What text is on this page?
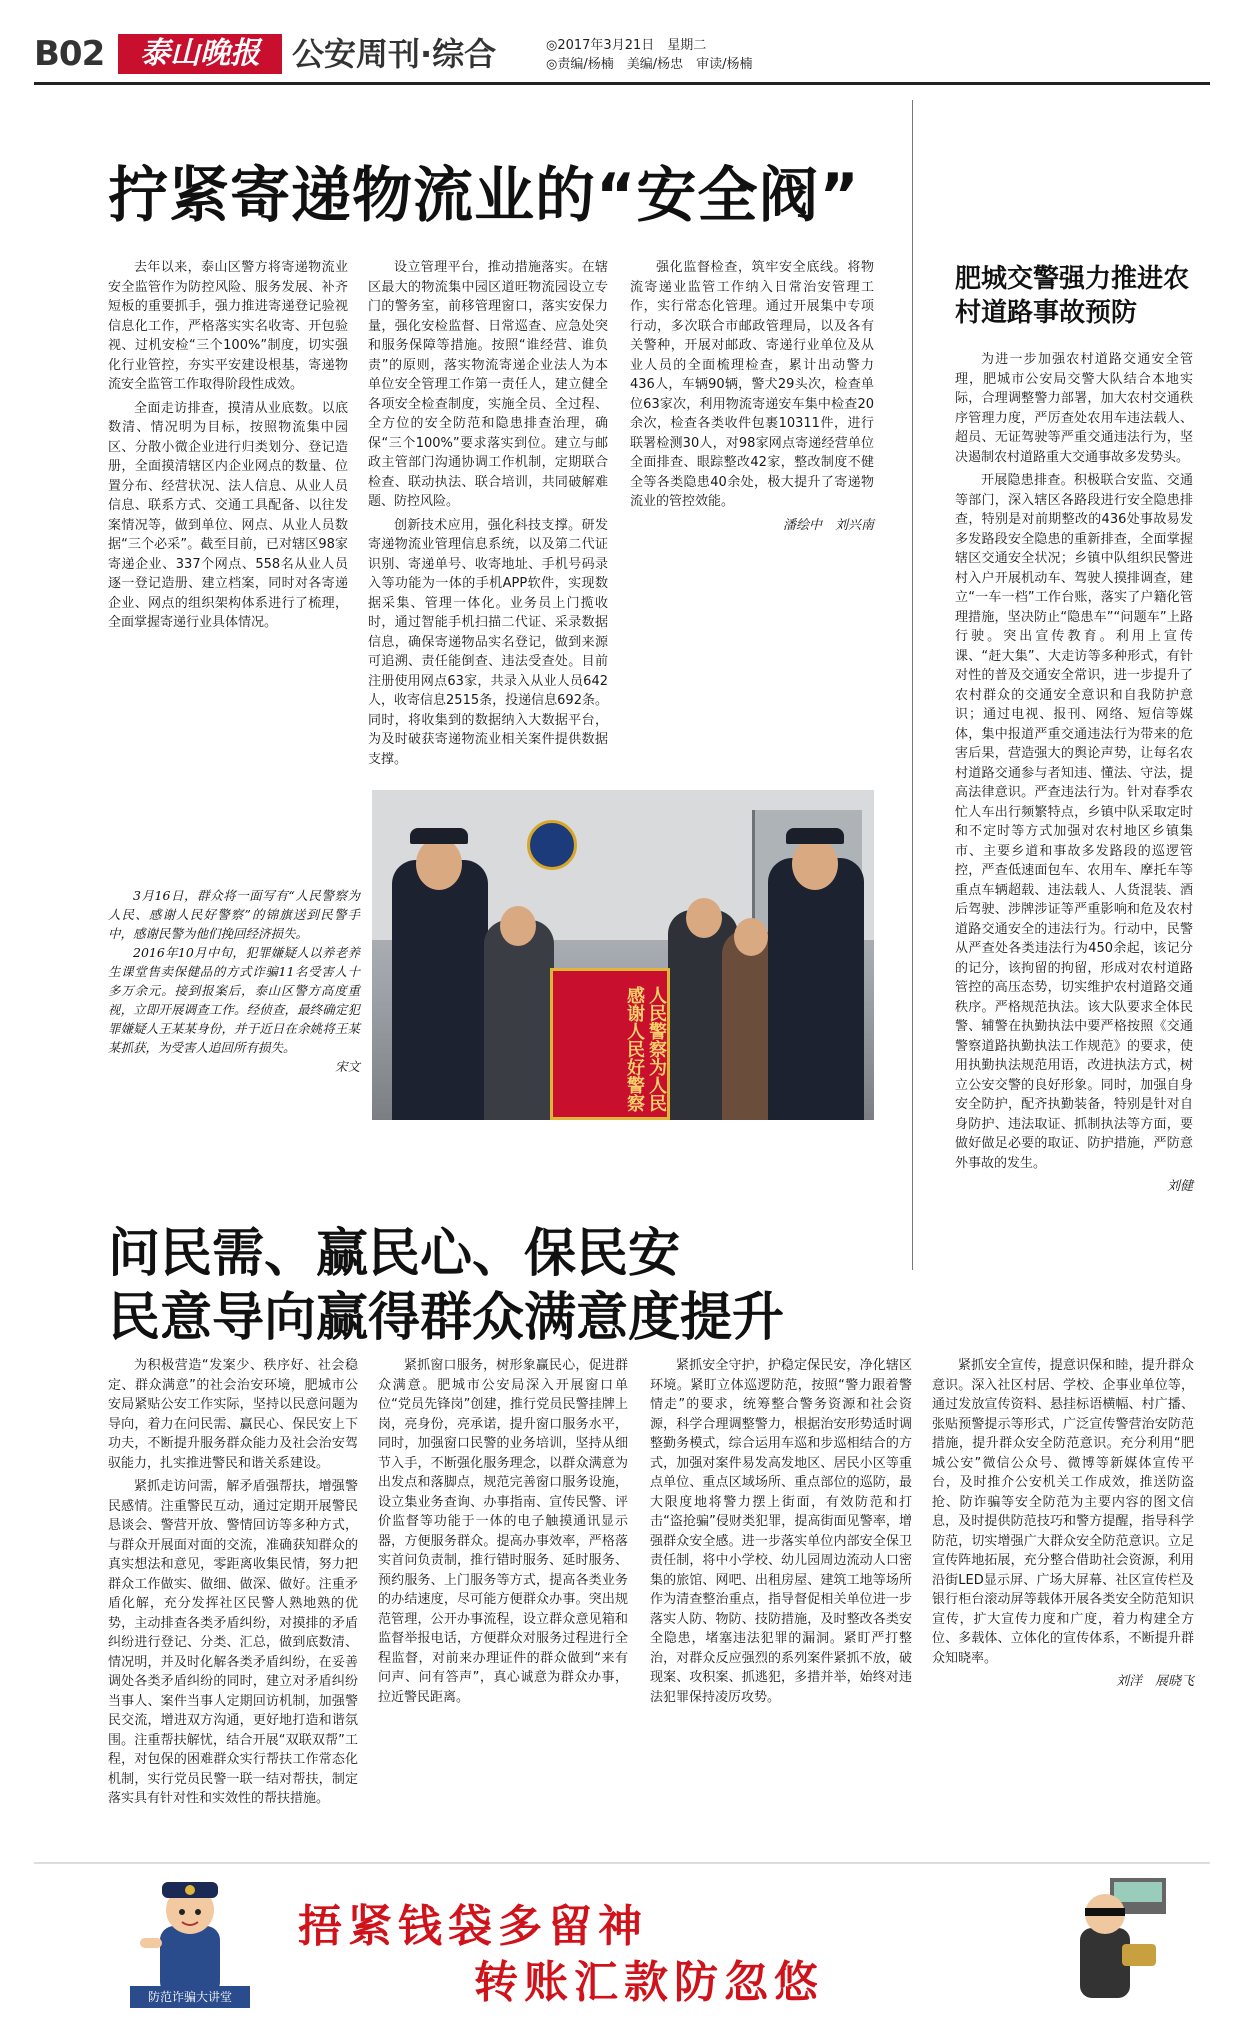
B02	泰山晚报	公安周刊·综合	◎2017年3月21日　星期二
◎责编/杨楠　美编/杨忠　审读/杨楠
拧紧寄递物流业的“安全阀”

去年以来，泰山区警方将寄递物流业安全监管作为防控风险、服务发展、补齐短板的重要抓手，强力推进寄递登记验视信息化工作，严格落实实名收寄、开包验视、过机安检“三个100%”制度，切实强化行业管控，夯实平安建设根基，寄递物流安全监管工作取得阶段性成效。

全面走访排查，摸清从业底数。以底数清、情况明为目标，按照物流集中园区、分散小微企业进行归类划分、登记造册，全面摸清辖区内企业网点的数量、位置分布、经营状况、法人信息、从业人员信息、联系方式、交通工具配备、以往发案情况等，做到单位、网点、从业人员数据“三个必采”。截至目前，已对辖区98家寄递企业、337个网点、558名从业人员逐一登记造册、建立档案，同时对各寄递企业、网点的组织架构体系进行了梳理，全面掌握寄递行业具体情况。

设立管理平台，推动措施落实。在辖区最大的物流集中园区道旺物流园设立专门的警务室，前移管理窗口，落实安保力量，强化安检监督、日常巡查、应急处突和服务保障等措施。按照“谁经营、谁负责”的原则，落实物流寄递企业法人为本单位安全管理工作第一责任人，建立健全各项安全检查制度，实施全员、全过程、全方位的安全防范和隐患排查治理，确保“三个100%”要求落实到位。建立与邮政主管部门沟通协调工作机制，定期联合检查、联动执法、联合培训，共同破解难题、防控风险。

创新技术应用，强化科技支撑。研发寄递物流业管理信息系统，以及第二代证识别、寄递单号、收寄地址、手机号码录入等功能为一体的手机APP软件，实现数据采集、管理一体化。业务员上门揽收时，通过智能手机扫描二代证、采录数据信息，确保寄递物品实名登记，做到来源可追溯、责任能倒查、违法受查处。目前注册使用网点63家，共录入从业人员642人，收寄信息2515条，投递信息692条。同时，将收集到的数据纳入大数据平台，为及时破获寄递物流业相关案件提供数据支撑。

强化监督检查，筑牢安全底线。将物流寄递业监管工作纳入日常治安管理工作，实行常态化管理。通过开展集中专项行动，多次联合市邮政管理局，以及各有关警种，开展对邮政、寄递行业单位及从业人员的全面梳理检查，累计出动警力436人，车辆90辆，警犬29头次，检查单位63家次，利用物流寄递安车集中检查20余次，检查各类收件包裹10311件，进行联署检测30人，对98家网点寄递经营单位全面排查、眼踪整改42家，整改制度不健全等各类隐患40余处，极大提升了寄递物流业的管控效能。

潘绘中　刘兴南

3月16日，群众将一面写有“人民警察为人民、感谢人民好警察”的锦旗送到民警手中，感谢民警为他们挽回经济损失。

2016年10月中旬，犯罪嫌疑人以养老养生课堂售卖保健品的方式诈骗11名受害人十多万余元。接到报案后，泰山区警方高度重视，立即开展调查工作。经侦查，最终确定犯罪嫌疑人王某某身份，并于近日在余姚将王某某抓获，为受害人追回所有损失。

宋文	人民警察为人民 感谢人民好警察
肥城交警强力推进农村道路事故预防

为进一步加强农村道路交通安全管理，肥城市公安局交警大队结合本地实际，合理调整警力部署，加大农村交通秩序管理力度，严厉查处农用车违法载人、超员、无证驾驶等严重交通违法行为，坚决遏制农村道路重大交通事故多发势头。

开展隐患排查。积极联合安监、交通等部门，深入辖区各路段进行安全隐患排查，特别是对前期整改的436处事故易发多发路段安全隐患的重新排查，全面掌握辖区交通安全状况；乡镇中队组织民警进村入户开展机动车、驾驶人摸排调查，建立“一车一档”工作台账，落实了户籍化管理措施，坚决防止“隐患车”“问题车”上路行驶。突出宣传教育。利用上宣传课、“赶大集”、大走访等多种形式，有针对性的普及交通安全常识，进一步提升了农村群众的交通安全意识和自我防护意识；通过电视、报刊、网络、短信等媒体，集中报道严重交通违法行为带来的危害后果，营造强大的舆论声势，让每名农村道路交通参与者知违、懂法、守法，提高法律意识。严查违法行为。针对春季农忙人车出行频繁特点，乡镇中队采取定时和不定时等方式加强对农村地区乡镇集市、主要乡道和事故多发路段的巡逻管控，严查低速面包车、农用车、摩托车等重点车辆超载、违法载人、人货混装、酒后驾驶、涉牌涉证等严重影响和危及农村道路交通安全的违法行为。行动中，民警从严查处各类违法行为450余起，该记分的记分，该拘留的拘留，形成对农村道路管控的高压态势，切实维护农村道路交通秩序。严格规范执法。该大队要求全体民警、辅警在执勤执法中要严格按照《交通警察道路执勤执法工作规范》的要求，使用执勤执法规范用语，改进执法方式，树立公安交警的良好形象。同时，加强自身安全防护，配齐执勤装备，特别是针对自身防护、违法取证、抓制执法等方面，要做好做足必要的取证、防护措施，严防意外事故的发生。

刘健

问民需、赢民心、保民安
民意导向赢得群众满意度提升

为积极营造“发案少、秩序好、社会稳定、群众满意”的社会治安环境，肥城市公安局紧贴公安工作实际，坚持以民意问题为导向，着力在问民需、赢民心、保民安上下功夫，不断提升服务群众能力及社会治安驾驭能力，扎实推进警民和谐关系建设。

紧抓走访问需，解矛盾强帮扶，增强警民感情。注重警民互动，通过定期开展警民恳谈会、警营开放、警情回访等多种方式，与群众开展面对面的交流，准确获知群众的真实想法和意见，零距离收集民情，努力把群众工作做实、做细、做深、做好。注重矛盾化解，充分发挥社区民警人熟地熟的优势，主动排查各类矛盾纠纷，对摸排的矛盾纠纷进行登记、分类、汇总，做到底数清、情况明，并及时化解各类矛盾纠纷，在妥善调处各类矛盾纠纷的同时，建立对矛盾纠纷当事人、案件当事人定期回访机制，加强警民交流，增进双方沟通，更好地打造和谐氛围。注重帮扶解忧，结合开展“双联双帮”工程，对包保的困难群众实行帮扶工作常态化机制，实行党员民警一联一结对帮扶，制定落实具有针对性和实效性的帮扶措施。

紧抓窗口服务，树形象赢民心，促进群众满意。肥城市公安局深入开展窗口单位“党员先锋岗”创建，推行党员民警挂牌上岗，亮身份，亮承诺，提升窗口服务水平，同时，加强窗口民警的业务培训，坚持从细节入手，不断强化服务理念，以群众满意为出发点和落脚点，规范完善窗口服务设施，设立集业务查询、办事指南、宣传民警、评价监督等功能于一体的电子触摸通讯显示器，方便服务群众。提高办事效率，严格落实首问负责制，推行错时服务、延时服务、预约服务、上门服务等方式，提高各类业务的办结速度，尽可能方便群众办事。突出规范管理，公开办事流程，设立群众意见箱和监督举报电话，方便群众对服务过程进行全程监督，对前来办理证件的群众做到“来有问声、问有答声”，真心诚意为群众办事，拉近警民距离。

紧抓安全守护，护稳定保民安，净化辖区环境。紧盯立体巡逻防范，按照“警力跟着警情走”的要求，统筹整合警务资源和社会资源，科学合理调整警力，根据治安形势适时调整勤务模式，综合运用车巡和步巡相结合的方式，加强对案件易发高发地区、居民小区等重点单位、重点区域场所、重点部位的巡防，最大限度地将警力摆上街面，有效防范和打击“盗抢骗”侵财类犯罪，提高街面见警率，增强群众安全感。进一步落实单位内部安全保卫责任制，将中小学校、幼儿园周边流动人口密集的旅馆、网吧、出租房屋、建筑工地等场所作为清查整治重点，指导督促相关单位进一步落实人防、物防、技防措施，及时整改各类安全隐患，堵塞违法犯罪的漏洞。紧盯严打整治，对群众反应强烈的系列案件紧抓不放，破现案、攻积案、抓逃犯，多措并举，始终对违法犯罪保持凌厉攻势。

紧抓安全宣传，提意识保和睦，提升群众意识。深入社区村居、学校、企事业单位等，通过发放宣传资料、悬挂标语横幅、村广播、张贴预警提示等形式，广泛宣传警营治安防范措施，提升群众安全防范意识。充分利用“肥城公安”微信公众号、微博等新媒体宣传平台，及时推介公安机关工作成效，推送防盗抢、防诈骗等安全防范为主要内容的图文信息，及时提供防范技巧和警方提醒，指导科学防范，切实增强广大群众安全防范意识。立足宣传阵地拓展，充分整合借助社会资源，利用沿街LED显示屏、广场大屏幕、社区宣传栏及银行柜台滚动屏等载体开展各类安全防范知识宣传，扩大宣传力度和广度，着力构建全方位、多载体、立体化的宣传体系，不断提升群众知晓率。

刘洋　展晓飞

防范诈骗大讲堂
捂紧钱袋多留神
转账汇款防忽悠
